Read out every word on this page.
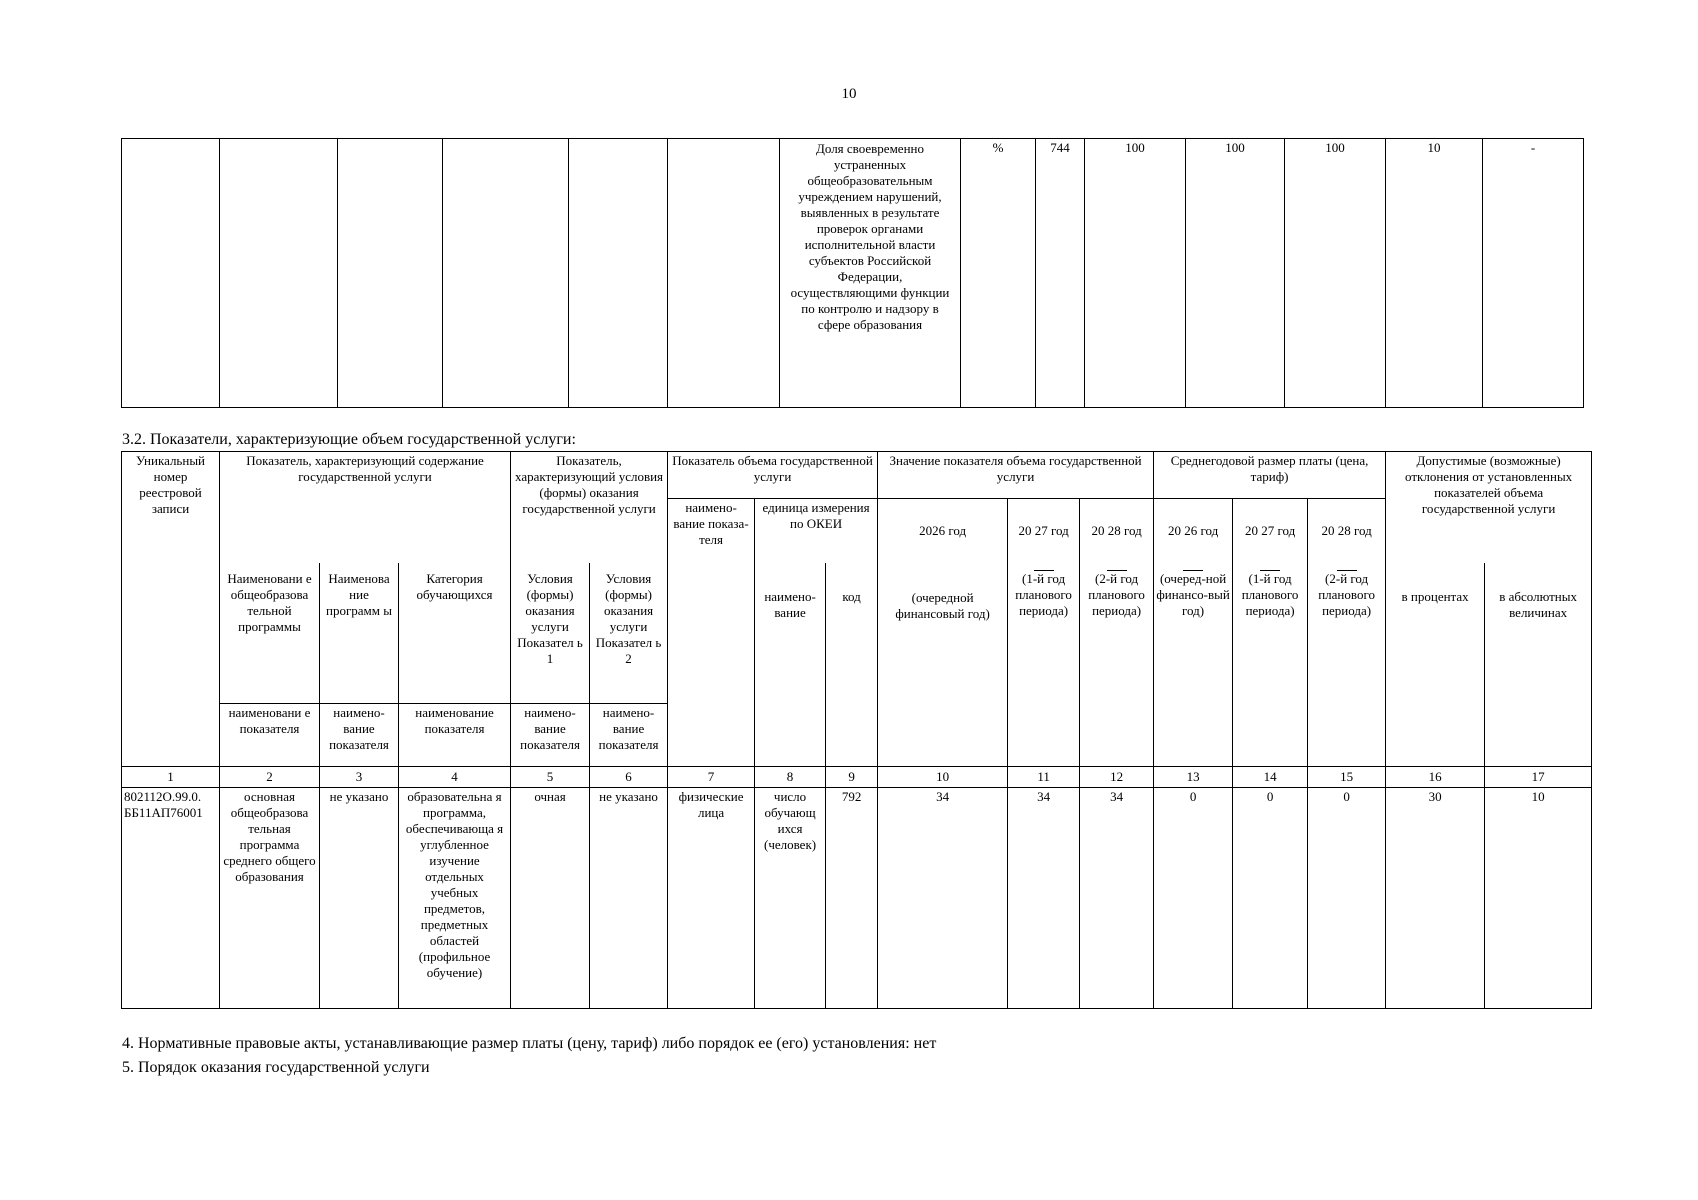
10
						Доля своевременно устраненных общеобразовательным учреждением нарушений, выявленных в результате проверок органами исполнительной власти субъектов Российской Федерации, осуществляющими функции по контролю и надзору в сфере образования	%	744	100	100	100	10	-
3.2. Показатели, характеризующие объем государственной услуги:
Уникальный номер реестровой записи	Показатель, характеризующий содержание государственной услуги			Показатель, характеризующий условия (формы) оказания государственной услуги		Показатель объема государственной услуги			Значение показателя объема государственной услуги			Среднегодовой размер платы (цена, тариф)			Допустимые (возможные) отклонения от установленных показателей объема государственной услуги	
						наимено-вание показа-теля	единица измерения по ОКЕИ		2026 год	20 27 год	20 28 год	20 26 год	20 27 год	20 28 год		
	Наименовани е общеобразова тельной программы	Наименова ние программ ы	Категория обучающихся	Условия (формы) оказания услуги Показател ь 1	Условия (формы) оказания услуги Показател ь 2		наимено-вание	код	(очередной финансовый год)	(1-й год планового периода)	(2-й год планового периода)	(очеред-ной финансо-вый год)	(1-й год планового периода)	(2-й год планового периода)	в процентах	в абсолютных величинах
	наименовани е показателя	наимено-вание показателя	наименование показателя	наимено-вание показателя	наимено-вание показателя											
1	2	3	4	5	6	7	8	9	10	11	12	13	14	15	16	17
802112О.99.0. ББ11АП76001	основная общеобразова тельная программа среднего общего образования	не указано	образовательна я программа, обеспечивающа я углубленное изучение отдельных учебных предметов, предметных областей (профильное обучение)	очная	не указано	физические лица	число обучающ ихся (человек)	792	34	34	34	0	0	0	30	10
4. Нормативные правовые акты, устанавливающие размер платы (цену, тариф) либо порядок ее (его) установления: нет
5. Порядок оказания государственной услуги
